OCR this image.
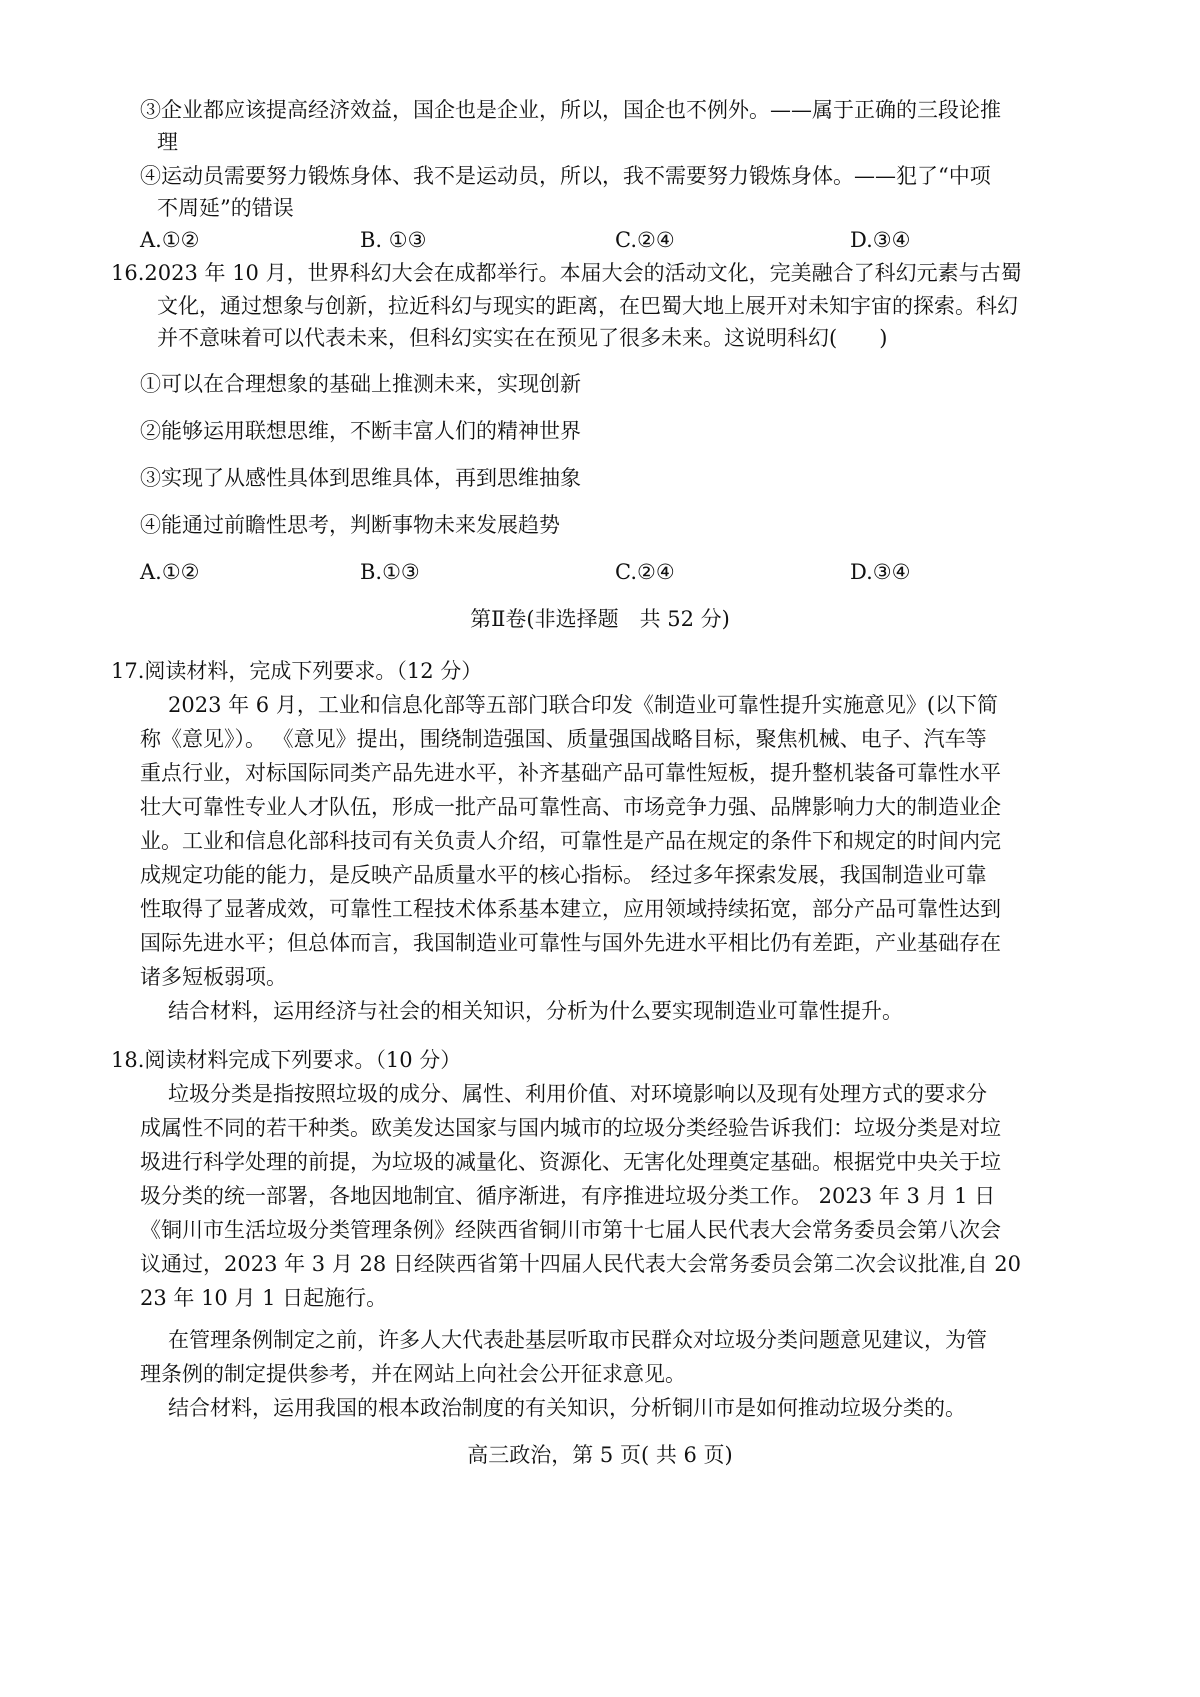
③企业都应该提高经济效益，国企也是企业，所以，国企也不例外。——属于正确的三段论推
理
④运动员需要努力锻炼身体、我不是运动员，所以，我不需要努力锻炼身体。——犯了“中项
不周延”的错误
A.①②	B. ①③	C.②④	D.③④
16.2023 年 10 月，世界科幻大会在成都举行。本届大会的活动文化，完美融合了科幻元素与古蜀
文化，通过想象与创新，拉近科幻与现实的距离，在巴蜀大地上展开对未知宇宙的探索。科幻
并不意味着可以代表未来，但科幻实实在在预见了很多未来。这说明科幻(　　)
①可以在合理想象的基础上推测未来，实现创新
②能够运用联想思维，不断丰富人们的精神世界
③实现了从感性具体到思维具体，再到思维抽象
④能通过前瞻性思考，判断事物未来发展趋势
A.①②	B.①③	C.②④	D.③④
第Ⅱ卷(非选择题　共 52 分)
17.阅读材料，完成下列要求。（12 分）
2023 年 6 月，工业和信息化部等五部门联合印发《制造业可靠性提升实施意见》(以下简
称《意见》）。 《意见》提出，围绕制造强国、质量强国战略目标，聚焦机械、电子、汽车等
重点行业，对标国际同类产品先进水平，补齐基础产品可靠性短板，提升整机装备可靠性水平
壮大可靠性专业人才队伍，形成一批产品可靠性高、市场竞争力强、品牌影响力大的制造业企
业。工业和信息化部科技司有关负责人介绍，可靠性是产品在规定的条件下和规定的时间内完
成规定功能的能力，是反映产品质量水平的核心指标。 经过多年探索发展，我国制造业可靠
性取得了显著成效，可靠性工程技术体系基本建立，应用领域持续拓宽，部分产品可靠性达到
国际先进水平；但总体而言，我国制造业可靠性与国外先进水平相比仍有差距，产业基础存在
诸多短板弱项。
结合材料，运用经济与社会的相关知识，分析为什么要实现制造业可靠性提升。
18.阅读材料完成下列要求。（10 分）
垃圾分类是指按照垃圾的成分、属性、利用价值、对环境影响以及现有处理方式的要求分
成属性不同的若干种类。欧美发达国家与国内城市的垃圾分类经验告诉我们：垃圾分类是对垃
圾进行科学处理的前提，为垃圾的减量化、资源化、无害化处理奠定基础。根据党中央关于垃
圾分类的统一部署，各地因地制宜、循序渐进，有序推进垃圾分类工作。 2023 年 3 月 1 日
《铜川市生活垃圾分类管理条例》经陕西省铜川市第十七届人民代表大会常务委员会第八次会
议通过，2023 年 3 月 28 日经陕西省第十四届人民代表大会常务委员会第二次会议批准,自 20
23 年 10 月 1 日起施行。
在管理条例制定之前，许多人大代表赴基层听取市民群众对垃圾分类问题意见建议，为管
理条例的制定提供参考，并在网站上向社会公开征求意见。
结合材料，运用我国的根本政治制度的有关知识，分析铜川市是如何推动垃圾分类的。
高三政治，第 5 页( 共 6 页)
